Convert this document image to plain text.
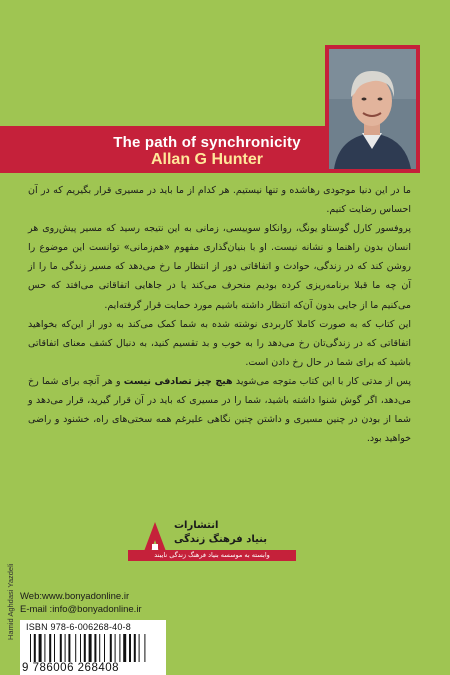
The path of synchronicity
Allan G Hunter

ما در این دنیا موجودی رهاشده و تنها نیستیم. هر کدام از ما باید در مسیری قرار بگیریم که در آن احساس رضایت کنیم.

پروفسور کارل گوستاو یونگ، روانکاو سوییسی، زمانی به این نتیجه رسید که مسیر پیش‌روی هر انسان بدون راهنما و نشانه نیست. او با بنیان‌گذاری مفهوم «هم‌زمانی» توانست این موضوع را روشن کند که در زندگی، حوادث و اتفاقاتی دور از انتظار ما رخ می‌دهد که مسیر زندگی ما را از آن چه ما قبلا برنامه‌ریزی کرده بودیم منحرف می‌کند یا در جاهایی اتفاقاتی می‌افتد که حس می‌کنیم ما از جایی بدون آن‌که انتظار داشته باشیم مورد حمایت قرار گرفته‌ایم.

این کتاب که به صورت کاملا کاربردی نوشته شده به شما کمک می‌کند به دور از این‌که بخواهید اتفاقاتی که در زندگی‌تان رخ می‌دهد را به خوب و بد تقسیم کنید، به دنبال کشف معنای اتفاقاتی باشید که برای شما در حال رخ دادن است.

پس از مدتی کار با این کتاب متوجه می‌شوید هیچ چیز تصادفی نیست و هر آنچه برای شما رخ می‌دهد، اگر گوش شنوا داشته باشید، شما را در مسیری که باید در آن قرار گیرید، قرار می‌دهد و شما از بودن در چنین مسیری و داشتن چنین نگاهی علیرغم همه سختی‌های راه، خشنود و راضی خواهید بود.

انتشارات
بنیاد فرهنگ زندگی
وابسته به موسسه بنیاد فرهنگ زندگی نایبند
Web:www.bonyadonline.ir
E-mail :info@bonyadonline.ir
ISBN 978-6-006268-40-8
9 786006 268408
Hamid Aghdasi Yazdeli
